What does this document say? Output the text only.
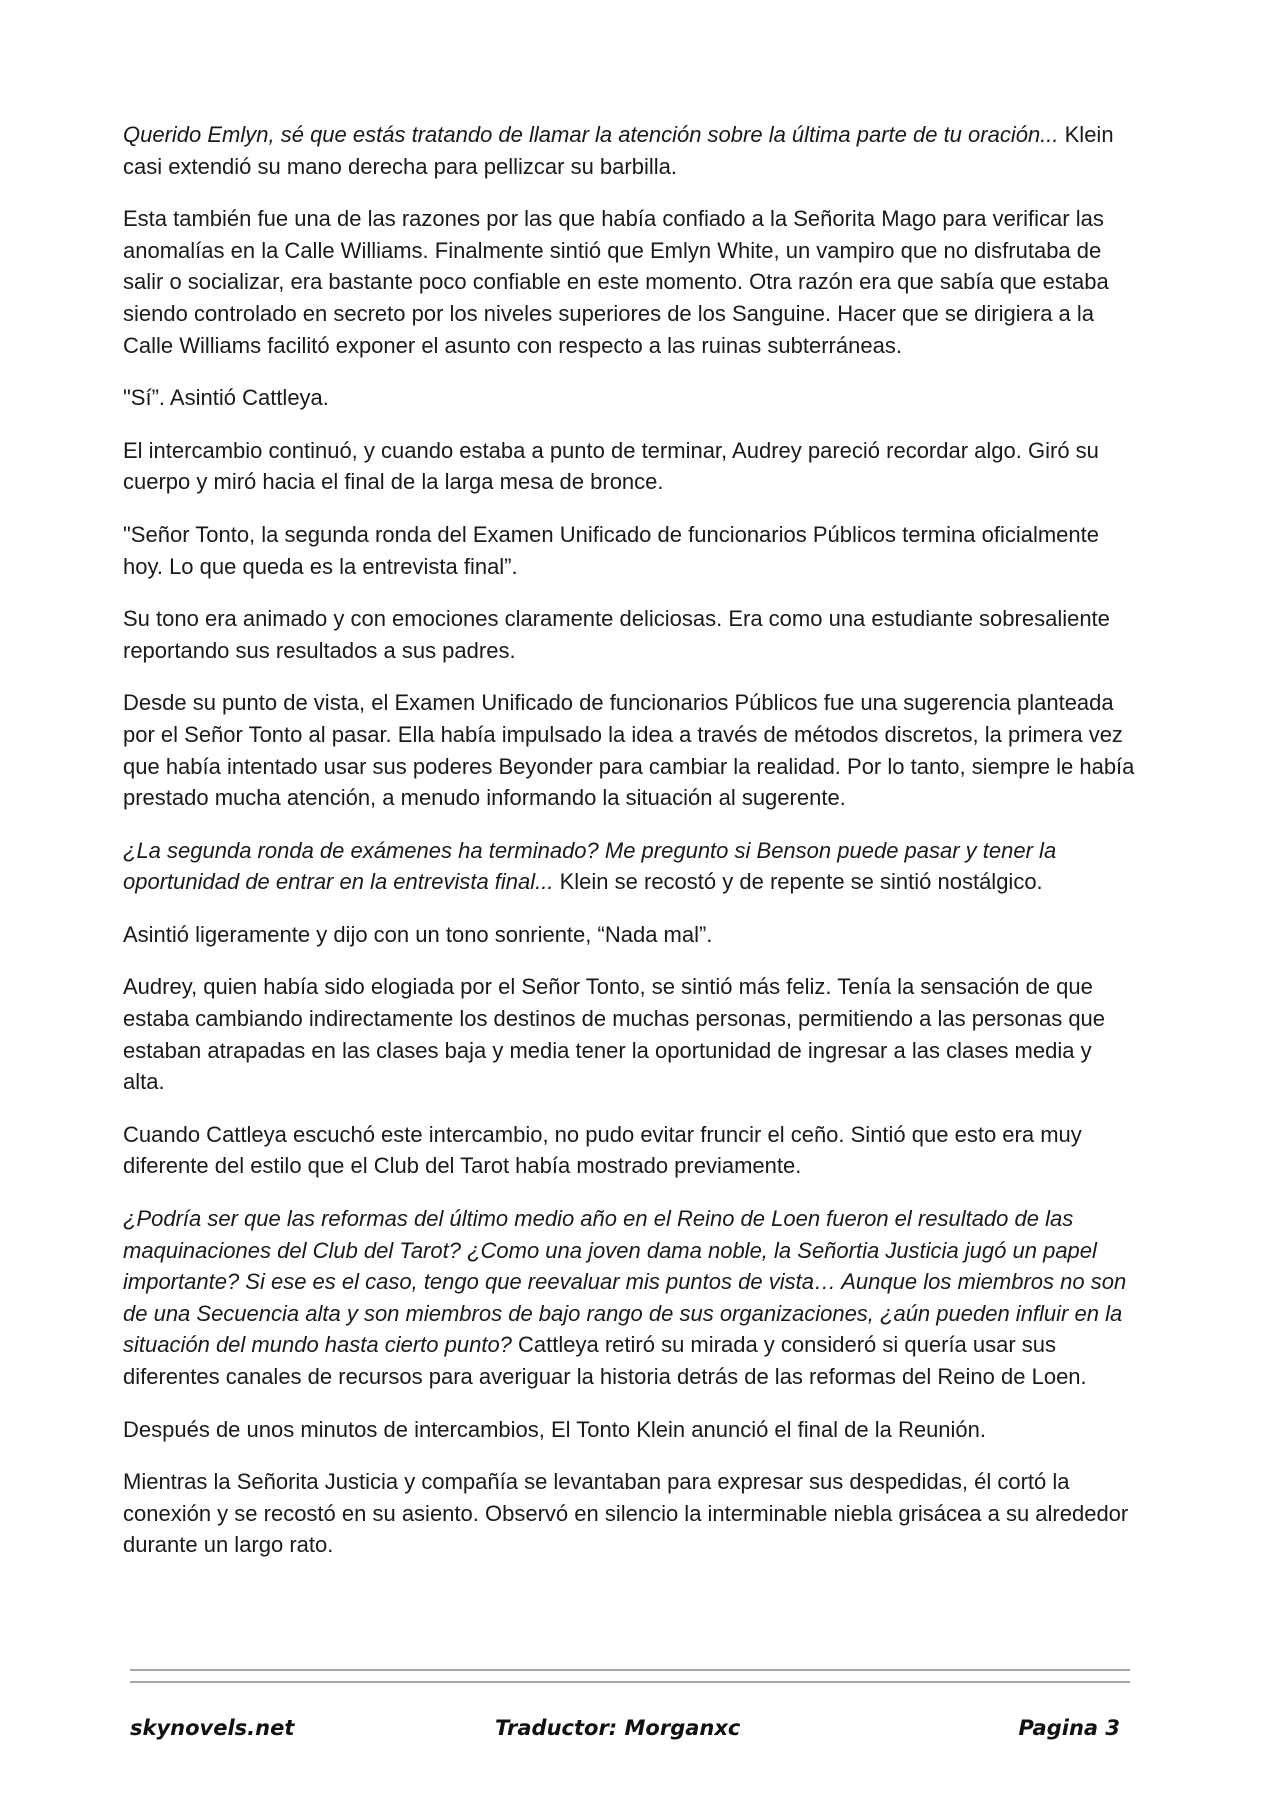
Querido Emlyn, sé que estás tratando de llamar la atención sobre la última parte de tu oración... Klein casi extendió su mano derecha para pellizcar su barbilla.

Esta también fue una de las razones por las que había confiado a la Señorita Mago para verificar las anomalías en la Calle Williams. Finalmente sintió que Emlyn White, un vampiro que no disfrutaba de salir o socializar, era bastante poco confiable en este momento. Otra razón era que sabía que estaba siendo controlado en secreto por los niveles superiores de los Sanguine. Hacer que se dirigiera a la Calle Williams facilitó exponer el asunto con respecto a las ruinas subterráneas.

"Sí”. Asintió Cattleya.

El intercambio continuó, y cuando estaba a punto de terminar, Audrey pareció recordar algo. Giró su cuerpo y miró hacia el final de la larga mesa de bronce.

"Señor Tonto, la segunda ronda del Examen Unificado de funcionarios Públicos termina oficialmente hoy. Lo que queda es la entrevista final”.

Su tono era animado y con emociones claramente deliciosas. Era como una estudiante sobresaliente reportando sus resultados a sus padres.

Desde su punto de vista, el Examen Unificado de funcionarios Públicos fue una sugerencia planteada por el Señor Tonto al pasar. Ella había impulsado la idea a través de métodos discretos, la primera vez que había intentado usar sus poderes Beyonder para cambiar la realidad. Por lo tanto, siempre le había prestado mucha atención, a menudo informando la situación al sugerente.

¿La segunda ronda de exámenes ha terminado? Me pregunto si Benson puede pasar y tener la oportunidad de entrar en la entrevista final... Klein se recostó y de repente se sintió nostálgico.

Asintió ligeramente y dijo con un tono sonriente, “Nada mal”.

Audrey, quien había sido elogiada por el Señor Tonto, se sintió más feliz. Tenía la sensación de que estaba cambiando indirectamente los destinos de muchas personas, permitiendo a las personas que estaban atrapadas en las clases baja y media tener la oportunidad de ingresar a las clases media y alta.

Cuando Cattleya escuchó este intercambio, no pudo evitar fruncir el ceño. Sintió que esto era muy diferente del estilo que el Club del Tarot había mostrado previamente.

¿Podría ser que las reformas del último medio año en el Reino de Loen fueron el resultado de las maquinaciones del Club del Tarot? ¿Como una joven dama noble, la Señortia Justicia jugó un papel importante? Si ese es el caso, tengo que reevaluar mis puntos de vista… Aunque los miembros no son de una Secuencia alta y son miembros de bajo rango de sus organizaciones, ¿aún pueden influir en la situación del mundo hasta cierto punto? Cattleya retiró su mirada y consideró si quería usar sus diferentes canales de recursos para averiguar la historia detrás de las reformas del Reino de Loen.

Después de unos minutos de intercambios, El Tonto Klein anunció el final de la Reunión.

Mientras la Señorita Justicia y compañía se levantaban para expresar sus despedidas, él cortó la conexión y se recostó en su asiento. Observó en silencio la interminable niebla grisácea a su alrededor durante un largo rato.

skynovels.net	Traductor: Morganxc	Pagina 3
